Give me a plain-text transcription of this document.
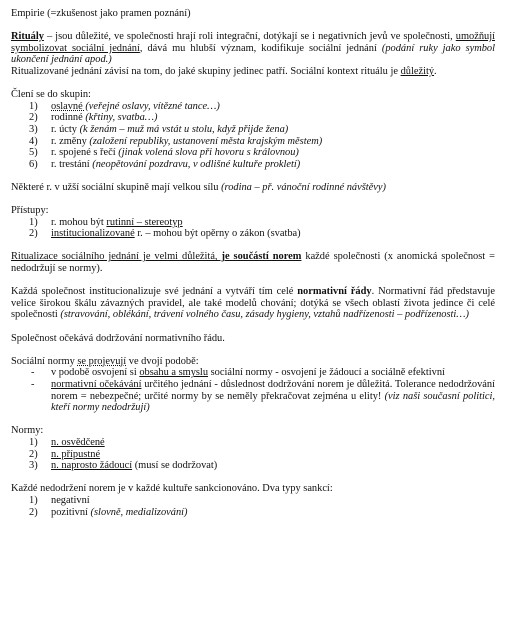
Empirie (=zkušenost jako pramen poznání)

Rituály – jsou důležité, ve společnosti hrají roli integrační, dotýkají se i negativních jevů ve společnosti, umožňují symbolizovat sociální jednání, dává mu hlubší význam, kodifikuje sociální jednání (podání ruky jako symbol ukončení jednání apod.)

Ritualizované jednání závisí na tom, do jaké skupiny jedinec patří. Sociální kontext rituálu je důležitý.

Člení se do skupin:

1)	oslavné (veřejné oslavy, vítězné tance…)
2)	rodinné (křtiny, svatba…)
3)	r. úcty (k ženám – muž má vstát u stolu, když přijde žena)
4)	r. změny (založení republiky, ustanovení města krajským městem)
5)	r. spojené s řečí (jinak volená slova při hovoru s královnou)
6)	r. trestání (neopětování pozdravu, v odlišné kultuře prokletí)

Některé r. v užší sociální skupině mají velkou sílu (rodina – př. vánoční rodinné návštěvy)

Přístupy:

1)	r. mohou být rutinní – stereotyp
2)	institucionalizované r. – mohou být opěrny o zákon (svatba)

Ritualizace sociálního jednání je velmi důležitá, je součástí norem každé společnosti (x anomická společnost = nedodržují se normy).

Každá společnost institucionalizuje své jednání a vytváří tím celé normativní řády. Normativní řád představuje velice širokou škálu závazných pravidel, ale také modelů chování; dotýká se všech oblastí života jedince či celé společnosti (stravování, oblékání, trávení volného času, zásady hygieny, vztahů nadřízenosti – podřízenosti…)

Společnost očekává dodržování normativního řádu.

Sociální normy se projevují ve dvojí podobě:

-	v podobě osvojení si obsahu a smyslu sociální normy - osvojení je žádoucí a sociálně efektivní
-	normativní očekávání určitého jednání - důslednost dodržování norem je důležitá. Tolerance nedodržování norem = nebezpečné; určité normy by se neměly překračovat zejména u elity! (viz naši současní politici, kteří normy nedodržují)

Normy:

1)	n. osvědčené
2)	n. přípustné
3)	n. naprosto žádoucí (musí se dodržovat)

Každé nedodržení norem je v každé kultuře sankcionováno. Dva typy sankcí:

1)	negativní
2)	pozitivní (slovně, medializování)
